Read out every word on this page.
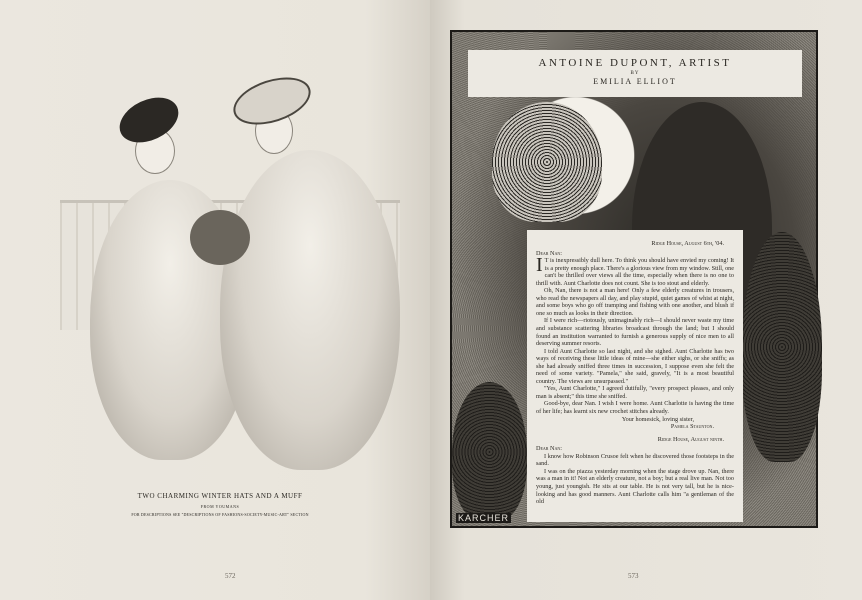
TWO CHARMING WINTER HATS AND A MUFF
FROM YOUMANS
FOR DESCRIPTIONS SEE "DESCRIPTIONS OF FASHIONS-SOCIETY-MUSIC-ART" SECTION
572
ANTOINE DUPONT, ARTIST
BY
EMILIA ELLIOT

Ridge House, August 6th, '04.

Dear Nan:

I T is inexpressibly dull here. To think you should have envied my coming! It is a pretty enough place. There's a glorious view from my window. Still, one can't be thrilled over views all the time, especially when there is no one to thrill with. Aunt Charlotte does not count. She is too stout and elderly.

Oh, Nan, there is not a man here! Only a few elderly creatures in trousers, who read the newspapers all day, and play stupid, quiet games of whist at night, and some boys who go off tramping and fishing with one another, and blush if one so much as looks in their direction.

If I were rich—riotously, unimaginably rich—I should never waste my time and substance scattering libraries broadcast through the land; but I should found an institution warranted to furnish a generous supply of nice men to all deserving summer resorts.

I told Aunt Charlotte so last night, and she sighed. Aunt Charlotte has two ways of receiving these little ideas of mine—she either sighs, or she sniffs; as she had already sniffed three times in succession, I suppose even she felt the need of some variety. "Pamela," she said, gravely, "It is a most beautiful country. The views are unsurpassed."

"Yes, Aunt Charlotte," I agreed dutifully, "every prospect pleases, and only man is absent;" this time she sniffed.

Good-bye, dear Nan. I wish I were home. Aunt Charlotte is having the time of her life; has learnt six new crochet stitches already.

Your homesick, loving sister,

Pamela Staunton.

Ridge House, August ninth.

Dear Nan:

I know how Robinson Crusoe felt when he discovered those footsteps in the sand.

I was on the piazza yesterday morning when the stage drove up. Nan, there was a man in it! Not an elderly creature, not a boy; but a real live man. Not too young, just youngish. He sits at our table. He is not very tall, but he is nice-looking and has good manners. Aunt Charlotte calls him "a gentleman of the old

KARCHER
573
